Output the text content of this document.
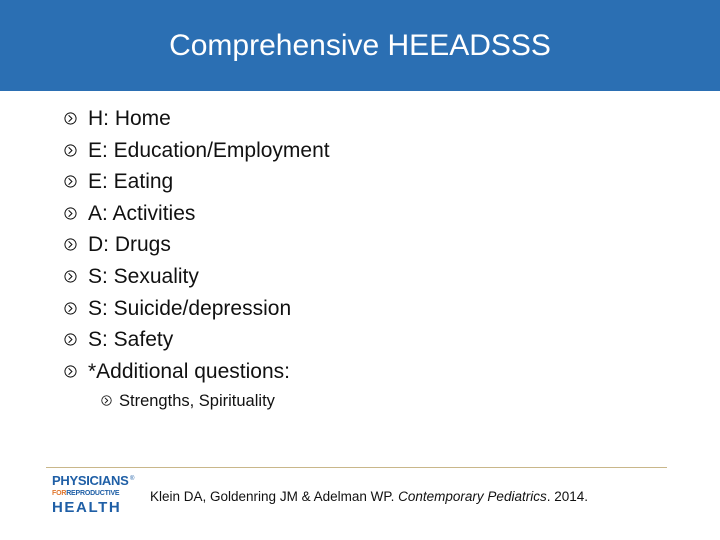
Comprehensive HEEADSSS
H: Home
E: Education/Employment
E: Eating
A: Activities
D: Drugs
S: Sexuality
S: Suicide/depression
S: Safety
*Additional questions:
Strengths, Spirituality
PHYSICIANS
FORREPRODUCTIVE
HEALTH
®
Klein DA, Goldenring JM & Adelman WP. Contemporary Pediatrics. 2014.
